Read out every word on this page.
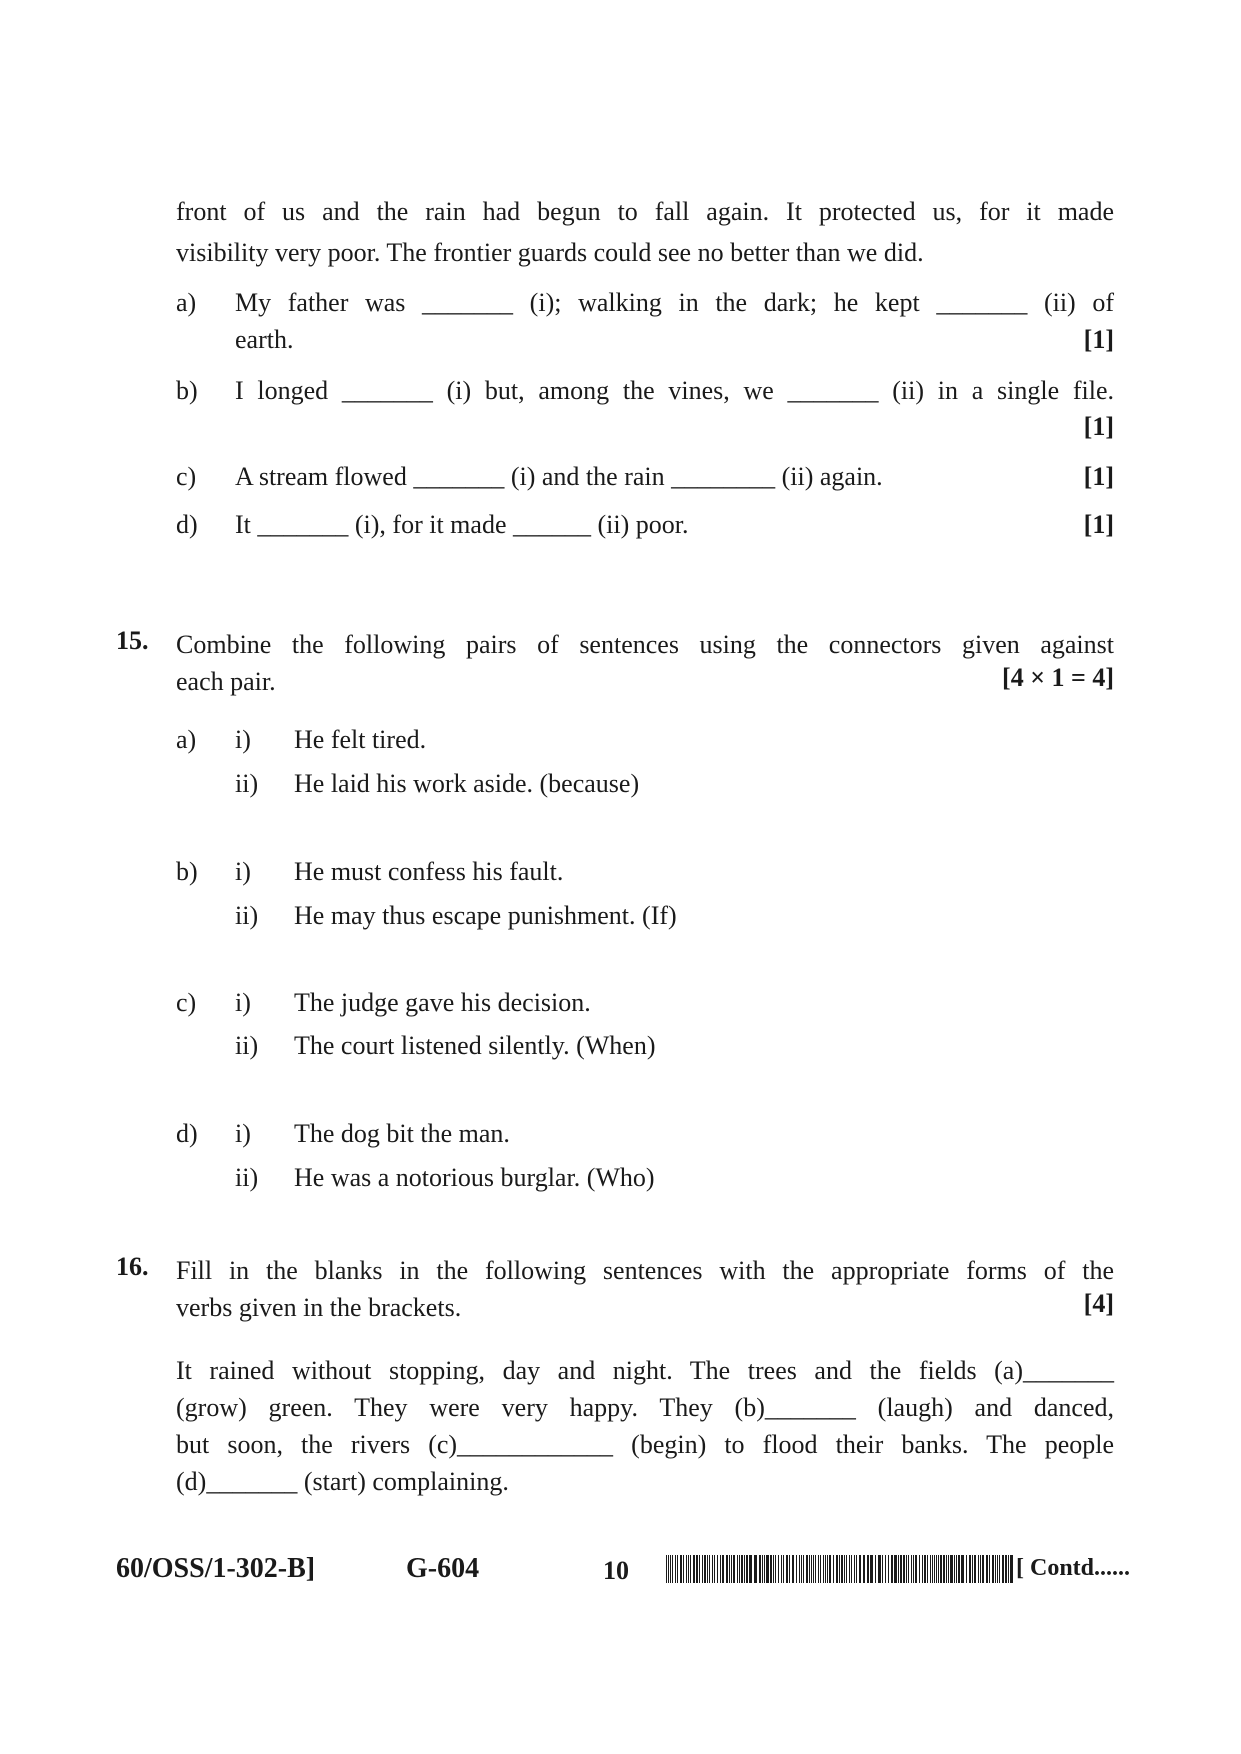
front of us and the rain had begun to fall again. It protected us, for it made
visibility very poor. The frontier guards could see no better than we did.
a) My father was _______ (i); walking in the dark; he kept _______ (ii) of
earth.	[1]
b) I longed _______ (i) but, among the vines, we _______ (ii) in a single file.
[1]
c) A stream flowed _______ (i) and the rain ________ (ii) again.	[1]
d) It _______ (i), for it made ______ (ii) poor.	[1]
15. Combine the following pairs of sentences using the connectors given against
each pair.	[4 × 1 = 4]
a) i) He felt tired.
ii) He laid his work aside. (because)
b) i) He must confess his fault.
ii) He may thus escape punishment. (If)
c) i) The judge gave his decision.
ii) The court listened silently. (When)
d) i) The dog bit the man.
ii) He was a notorious burglar. (Who)
16. Fill in the blanks in the following sentences with the appropriate forms of the
verbs given in the brackets.	[4]
It rained without stopping, day and night. The trees and the fields (a)_______
(grow) green. They were very happy. They (b)_______ (laugh) and danced,
but soon, the rivers (c)____________ (begin) to flood their banks. The people
(d)_______ (start) complaining.
60/OSS/1-302-B]	G-604	10	[ Contd......
